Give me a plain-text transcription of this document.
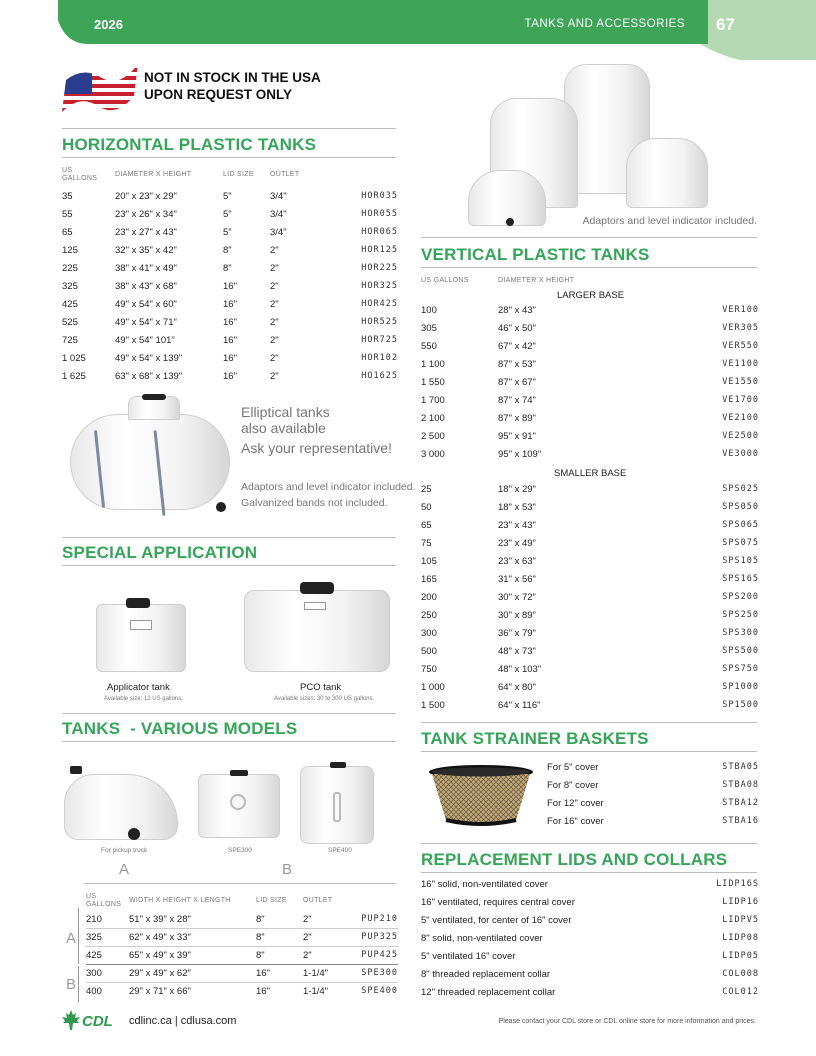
2026	TANKS AND ACCESSORIES 67
NOT IN STOCK IN THE USA
UPON REQUEST ONLY
HORIZONTAL PLASTIC TANKS
US
GALLONS
DIAMETER X HEIGHT	LID SIZE OUTLET
35	20" x 23" x 29"	5"	3/4"	HOR035
55	23" x 26" x 34"	5"	3/4"	HOR055
65	23" x 27" x 43"	5"	3/4"	HOR065
125	32" x 35" x 42"	8"	2"	HOR125
225	38" x 41" x 49"	8"	2"	HOR225
325	38" x 43" x 68"	16"	2"	HOR325
425	49" x 54" x 60"	16"	2"	HOR425
525	49" x 54" x 71"	16"	2"	HOR525
725	49" x 54" 101"	16"	2"	HOR725
1 025	49" x 54" x 139"	16"	2"	HOR102
1 625	63" x 68" x 139"	16"	2"	HO1625
Elliptical tanks
also available
Ask your representative!
Adaptors and level indicator included.
Galvanized bands not included.
SPECIAL APPLICATION
Applicator tank
Available size: 12 US gallons.
PCO tank
Available sizes: 30 to 300 US gallons.
TANKS  - VARIOUS MODELS
For pickup truck	SPE300	SPE400
A	B
US
GALLONS
WIDTH X HEIGHT X LENGTH	LID SIZE OUTLET
A
B
210	51" x 39" x 28"	8"	2"	PUP210
325	62" x 49" x 33"	8"	2"	PUP325
425	65" x 49" x 39"	8"	2"	PUP425
300	29" x 49" x 62"	16"	1-1/4"	SPE300
400	29" x 71" x 66"	16"	1-1/4"	SPE400
Adaptors and level indicator included.
VERTICAL PLASTIC TANKS
US GALLONS	DIAMETER X HEIGHT
LARGER BASE
SMALLER BASE
100	28" x 43"	VER100
305	46" x 50"	VER305
550	67" x 42"	VER550
1 100	87" x 53"	VE1100
1 550	87" x 67"	VE1550
1 700	87" x 74"	VE1700
2 100	87" x 89"	VE2100
2 500	95" x 91"	VE2500
3 000	95" x 109"	VE3000
25	18" x 29"	SPS025
50	18" x 53"	SPS050
65	23" x 43"	SPS065
75	23" x 49"	SPS075
105	23" x 63"	SPS105
165	31" x 56"	SPS165
200	30" x 72"	SPS200
250	30" x 89"	SPS250
300	36" x 79"	SPS300
500	48" x 73"	SPS500
750	48" x 103"	SPS750
1 000	64" x 80"	SP1000
1 500	64" x 116"	SP1500
TANK STRAINER BASKETS
For 5" cover	STBA05
For 8" cover	STBA08
For 12" cover	STBA12
For 16" cover	STBA16
REPLACEMENT LIDS AND COLLARS
16" solid, non-ventilated cover	LIDP16S
16" ventilated, requires central cover	LIDP16
5" ventilated, for center of 16" cover	LIDPV5
8" solid, non-ventilated cover	LIDP08
5" ventilated 16" cover	LIDP05
8" threaded replacement collar	COL008
12" threaded replacement collar	COL012
CDL cdlinc.ca | cdlusa.com	Please contact your CDL store or CDL online store for more information and prices.
